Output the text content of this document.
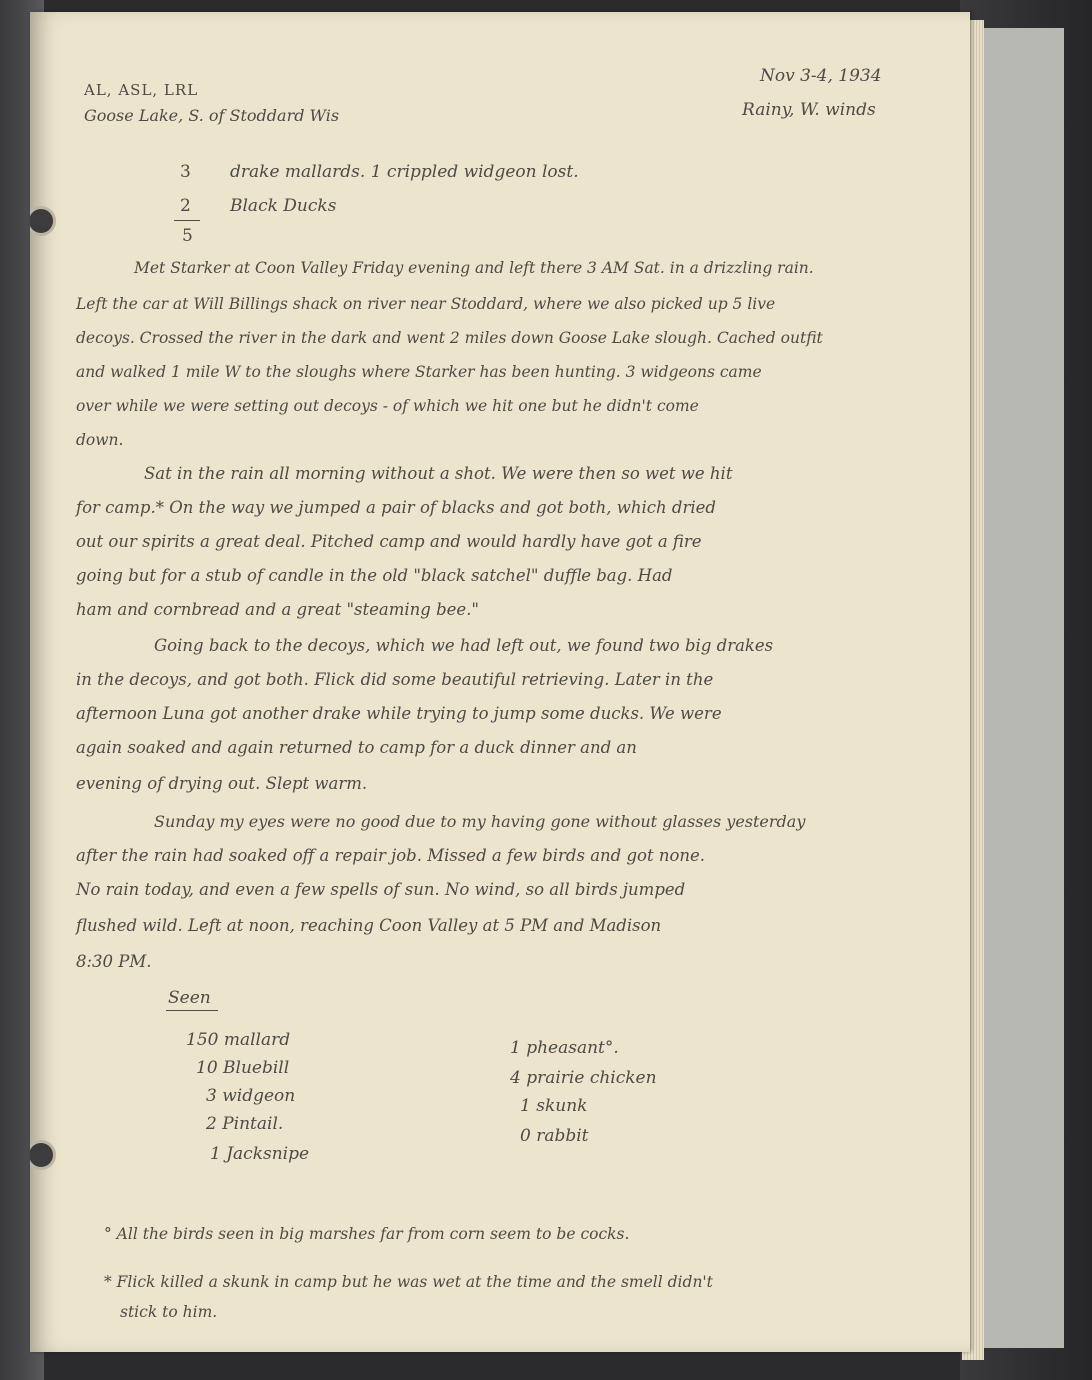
AL, ASL, LRL

Goose Lake, S. of Stoddard Wis

Nov 3-4, 1934

Rainy, W. winds

3 drake mallards. 1 crippled widgeon lost.

2 Black Ducks

5

Met Starker at Coon Valley Friday evening and left there 3 AM Sat. in a drizzling rain.

Left the car at Will Billings shack on river near Stoddard, where we also picked up 5 live

decoys. Crossed the river in the dark and went 2 miles down Goose Lake slough. Cached outfit

and walked 1 mile W to the sloughs where Starker has been hunting. 3 widgeons came

over while we were setting out decoys - of which we hit one but he didn't come

down.

Sat in the rain all morning without a shot. We were then so wet we hit

for camp.* On the way we jumped a pair of blacks and got both, which dried

out our spirits a great deal. Pitched camp and would hardly have got a fire

going but for a stub of candle in the old "black satchel" duffle bag. Had

ham and cornbread and a great "steaming bee."

Going back to the decoys, which we had left out, we found two big drakes

in the decoys, and got both. Flick did some beautiful retrieving. Later in the

afternoon Luna got another drake while trying to jump some ducks. We were

again soaked and again returned to camp for a duck dinner and an

evening of drying out. Slept warm.

Sunday my eyes were no good due to my having gone without glasses yesterday

after the rain had soaked off a repair job. Missed a few birds and got none.

No rain today, and even a few spells of sun. No wind, so all birds jumped

flushed wild. Left at noon, reaching Coon Valley at 5 PM and Madison

8:30 PM.

Seen

150 mallard

10 Bluebill

3 widgeon

2 Pintail.

1 Jacksnipe

1 pheasant°.

4 prairie chicken

1 skunk

0 rabbit

° All the birds seen in big marshes far from corn seem to be cocks.

* Flick killed a skunk in camp but he was wet at the time and the smell didn't

stick to him.
